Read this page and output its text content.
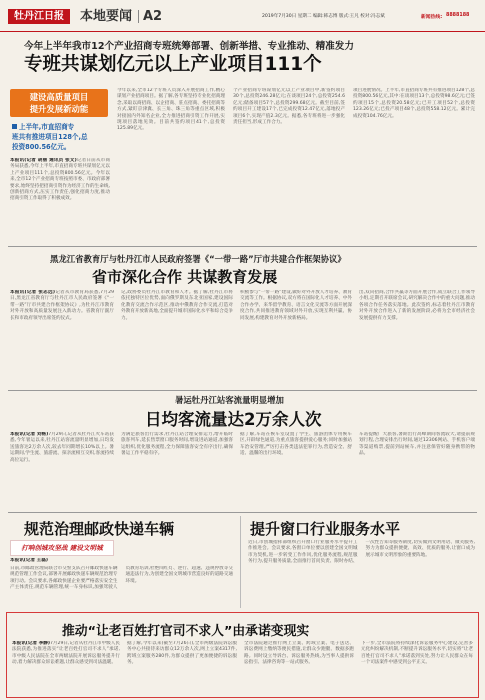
牡丹江日报	本地要闻 A2	2019年7月30日 星期二 编辑:韩志博 版式:王凡 校对:冯志斌	新闻热线: 8888188
今年上半年我市12个产业招商专班统筹部署、创新举措、专业推动、精准发力
专班共谋划亿元以上产业项目111个
建设高质量项目
提升发展新动能
上半年,市直招商专
班共有推进项目128个,总
投资800.56亿元。
本报讯(记者 胡丽 通讯员 张文)记者日前从市商务局获悉,今年上半年,市直招商专班共谋划亿元以上产业项目111个,总投资800.56亿元。今年以来,全市12个产业招商专班按照市委、市政府部署要求,始终坚持把招商引资作为经济工作的生命线,创新招商方式,压实工作责任,强化招商力度,推动招商引资工作取得了积极成效。
今年以来,全市12个专班人员深入开展招商工作,精心谋划产业招商项目。据了解,各专班坚持专业化招商理念,采取以商招商、以企招商、驻点招商、委托招商等方式,紧盯京津冀、长三角、珠三角等重点区域,积极对接国内外知名企业,全力推进招商引资工作开展,实现项目落地见效。目前共签约项目41个,总投资125.89亿元。
个产业招商专班谋划亿元以上产业项目中,新签约项目30个,总投资246.28亿元;在谈项目24个,总投资254.6亿元;储备项目57个,总投资299.68亿元。截至目前,签约项目开工建设17个,已完成投资12.47亿元,落地投产项目6个,实现产值2.3亿元。据悉,各专班将进一步强化责任担当,形成工作合力。
项目进展情况。上半年,市直招商专班共有推进项目128个,总投资800.56亿元,其中:在谈项目13个,总投资98.6亿元;已签约项目15个,总投资20.58亿元;已开工项目52个,总投资123.26亿元;已投产项目48个,总投资558.12亿元。累计完成投资104.76亿元。
黑龙江省教育厅与牡丹江市人民政府签署《“一带一路”厅市共建合作框架协议》
省市深化合作 共谋教育发展
本报讯(记者 张志远)记者从市教育局获悉,7月29日,黑龙江省教育厅与牡丹江市人民政府签署《“一带一路”厅市共建合作框架协议》,为牡丹江市教育对外开放和高质量发展注入新动力。省教育厅副厅长和市政府领导出席签约仪式。
记,政协委员牡丹江市教育和人才。据了解,牡丹江市将依托独特区位优势,面向俄罗斯及东北亚国家,建设国际化教育交流合作示范区,推动中俄教育合作交流,打造对外教育开放新高地,全面提升城市国际化水平和综合竞争力。
积极参与“一带一路”建设,做好对外开放人才培养、教育交流等工作。根据协议,双方将在国际化人才培养、中外合作办学、来华留学教育、语言文化交流等方面开展深度合作,共同推进教育领域对外开放,实现互利共赢、协同发展,构建教育对外开放新格局。
出,双向招商,合作共赢等方面开展合作,成立联合工作领导小组,定期召开联席会议,研究解决合作中的重大问题,推动各项合作任务落实落地。此次签约,标志着牡丹江市教育对外开放合作进入了新的发展阶段,必将为全市经济社会发展提供有力支撑。
暑运牡丹江站客流量明显增加
日均客流量达2万余人次
本报讯(记者 刘畅)7月29日,记者从牡丹江火车站获悉,今年暑运以来,牡丹江站客流量明显增加,日均发送旅客达2万余人次,较去年同期增长10%以上。暑运期间,学生流、旅游流、探亲流相互交织,客流持续高位运行。
为满足旅客出行需求,牡丹江站合理安排运力,增开临时旅客列车,延长售票窗口服务时间,增设进站通道,加强客运组织,优化服务流程,全力保障旅客安全有序出行,确保暑运工作平稳有序。
据了解,车站在候车室设置了学生、旅游团体专用候车区,开辟绿色通道,为重点旅客提供爱心服务;同时加强站车治安管理,严厉打击各类违法犯罪行为,营造安全、舒适、温馨的出行环境。
车站提醒广大旅客,暑期出行高峰期间客流较大,请提前规划行程,合理安排出行时间,通过12306网站、手机客户端等渠道购票,提前到站候车,并注意保管好随身携带的物品。
规范治理邮政快递车辆
打响创城攻坚战 建设文明城
本报讯(记者 王磊)
日前,市邮政管理局联合市交警支队召开邮政快递车辆规范管理工作会议,部署开展邮政快递车辆规范治理专项行动。会议要求,各邮政快递企业要严格落实安全生产主体责任,规范车辆管理,统一车身标识,加强驾驶人员教育培训,杜绝闯红灯、逆行、超速、违规停放等交通违法行为,为创建全国文明城市营造良好的道路交通环境。
提升窗口行业服务水平
近日,市创城指挥部组织召开窗口行业服务水平提升工作推进会。会议要求,各窗口单位要以创建全国文明城市为契机,进一步转变工作作风,优化服务流程,规范服务行为,提升服务质量,全面推行首问负责、限时办结、一次性告知等服务制度,切实做到文明用语、微笑服务,努力为群众提供便捷、高效、优质的服务,让窗口成为展示城市文明形象的重要阵地。
推动“让老百姓打官司不求人”由承诺变现实
本报讯(记者 李静)7月29日,记者从牡丹江市中级人民法院获悉,为推进落实“让老百姓打官司不求人”承诺,市中级人民法院在全市两级法院开展诉讼服务提升行动,着力解决群众诉讼难题,让群众感受到司法温暖。
据了解,今年以来(截至7月26日),全市两级法院诉讼服务中心共接待来访群众12万余人次,网上立案4317件,跨域立案服务280件,为群众提供了更加便捷的诉讼服务。
全市法院通过推行网上立案、跨域立案、电子送达、诉讼费网上缴纳等便民措施,让群众少跑腿、数据多跑路。同时设立导诉台、诉讼服务热线,为当事人提供诉讼指引、法律咨询等一站式服务。
下一步,全市法院将持续深化诉讼服务中心建设,完善多元化纠纷解决机制,不断提升诉讼服务水平,切实将“让老百姓打官司不求人”承诺落到实处,努力让人民群众在每一个司法案件中感受到公平正义。
